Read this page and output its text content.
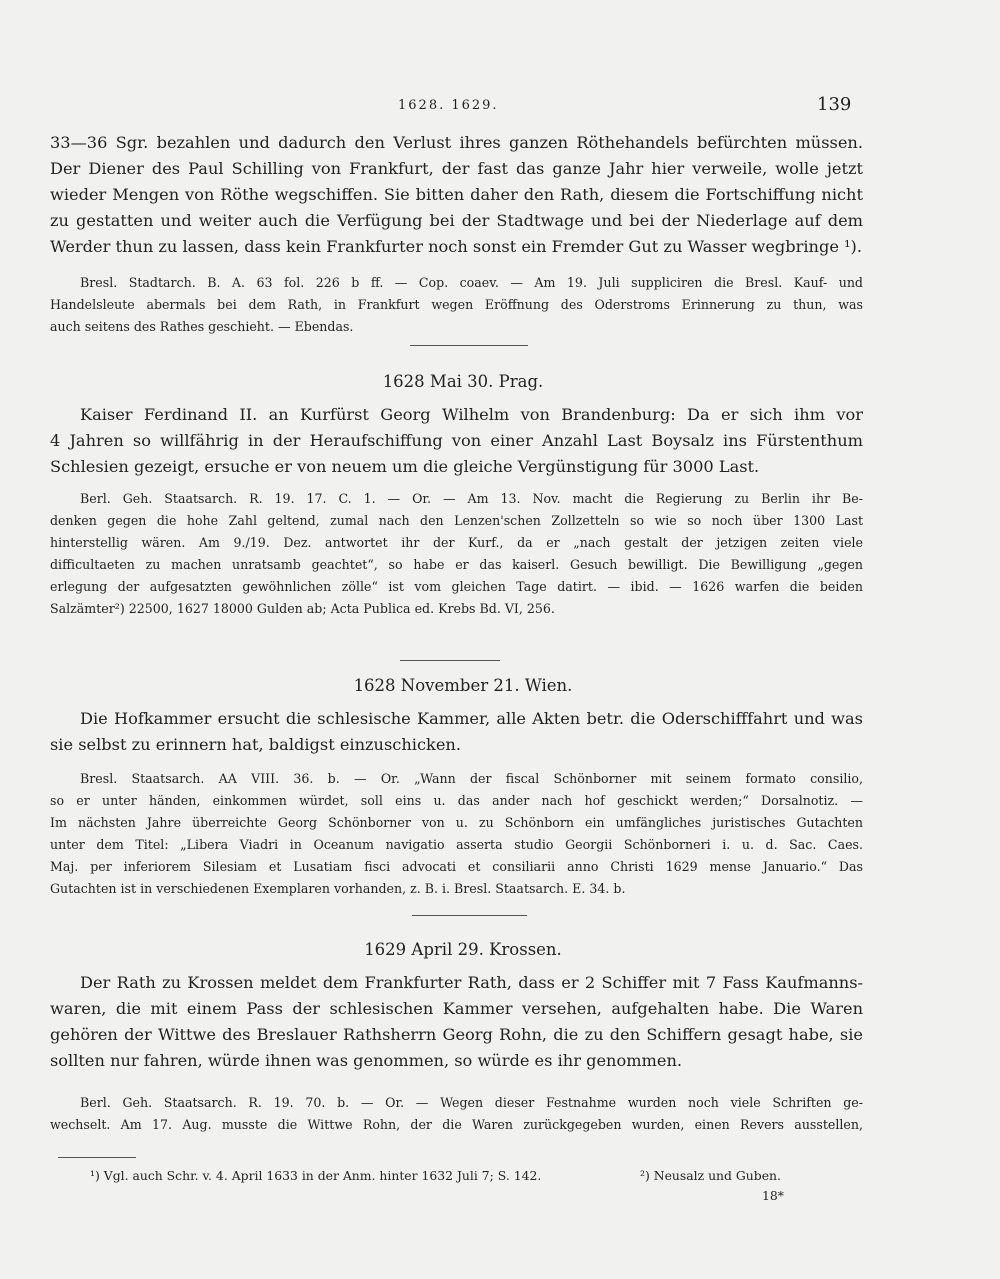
1628. 1629.	139
33—36 Sgr. bezahlen und dadurch den Verlust ihres ganzen Röthehandels befürchten müssen.
Der Diener des Paul Schilling von Frankfurt, der fast das ganze Jahr hier verweile, wolle jetzt
wieder Mengen von Röthe wegschiffen. Sie bitten daher den Rath, diesem die Fortschiffung nicht
zu gestatten und weiter auch die Verfügung bei der Stadtwage und bei der Niederlage auf dem
Werder thun zu lassen, dass kein Frankfurter noch sonst ein Fremder Gut zu Wasser wegbringe ¹).
Bresl. Stadtarch. B. A. 63 fol. 226 b ff. — Cop. coaev. — Am 19. Juli suppliciren die Bresl. Kauf- und
Handelsleute abermals bei dem Rath, in Frankfurt wegen Eröffnung des Oderstroms Erinnerung zu thun, was
auch seitens des Rathes geschieht. — Ebendas.
1628 Mai 30. Prag.
Kaiser Ferdinand II. an Kurfürst Georg Wilhelm von Brandenburg: Da er sich ihm vor
4 Jahren so willfährig in der Heraufschiffung von einer Anzahl Last Boysalz ins Fürstenthum
Schlesien gezeigt, ersuche er von neuem um die gleiche Vergünstigung für 3000 Last.
Berl. Geh. Staatsarch. R. 19. 17. C. 1. — Or. — Am 13. Nov. macht die Regierung zu Berlin ihr Be-
denken gegen die hohe Zahl geltend, zumal nach den Lenzen'schen Zollzetteln so wie so noch über 1300 Last
hinterstellig wären. Am 9./19. Dez. antwortet ihr der Kurf., da er „nach gestalt der jetzigen zeiten viele
difficultaeten zu machen unratsamb geachtet“, so habe er das kaiserl. Gesuch bewilligt. Die Bewilligung „gegen
erlegung der aufgesatzten gewöhnlichen zölle“ ist vom gleichen Tage datirt. — ibid. — 1626 warfen die beiden
Salzämter²) 22500, 1627 18000 Gulden ab; Acta Publica ed. Krebs Bd. VI, 256.
1628 November 21. Wien.
Die Hofkammer ersucht die schlesische Kammer, alle Akten betr. die Oderschifffahrt und was
sie selbst zu erinnern hat, baldigst einzuschicken.
Bresl. Staatsarch. AA VIII. 36. b. — Or. „Wann der fiscal Schönborner mit seinem formato consilio,
so er unter händen, einkommen würdet, soll eins u. das ander nach hof geschickt werden;“ Dorsalnotiz. —
Im nächsten Jahre überreichte Georg Schönborner von u. zu Schönborn ein umfängliches juristisches Gutachten
unter dem Titel: „Libera Viadri in Oceanum navigatio asserta studio Georgii Schönborneri i. u. d. Sac. Caes.
Maj. per inferiorem Silesiam et Lusatiam fisci advocati et consiliarii anno Christi 1629 mense Januario.“ Das
Gutachten ist in verschiedenen Exemplaren vorhanden, z. B. i. Bresl. Staatsarch. E. 34. b.
1629 April 29. Krossen.
Der Rath zu Krossen meldet dem Frankfurter Rath, dass er 2 Schiffer mit 7 Fass Kaufmanns-
waren, die mit einem Pass der schlesischen Kammer versehen, aufgehalten habe. Die Waren
gehören der Wittwe des Breslauer Rathsherrn Georg Rohn, die zu den Schiffern gesagt habe, sie
sollten nur fahren, würde ihnen was genommen, so würde es ihr genommen.
Berl. Geh. Staatsarch. R. 19. 70. b. — Or. — Wegen dieser Festnahme wurden noch viele Schriften ge-
wechselt. Am 17. Aug. musste die Wittwe Rohn, der die Waren zurückgegeben wurden, einen Revers ausstellen,
¹) Vgl. auch Schr. v. 4. April 1633 in der Anm. hinter 1632 Juli 7; S. 142.	²) Neusalz und Guben.
18*
